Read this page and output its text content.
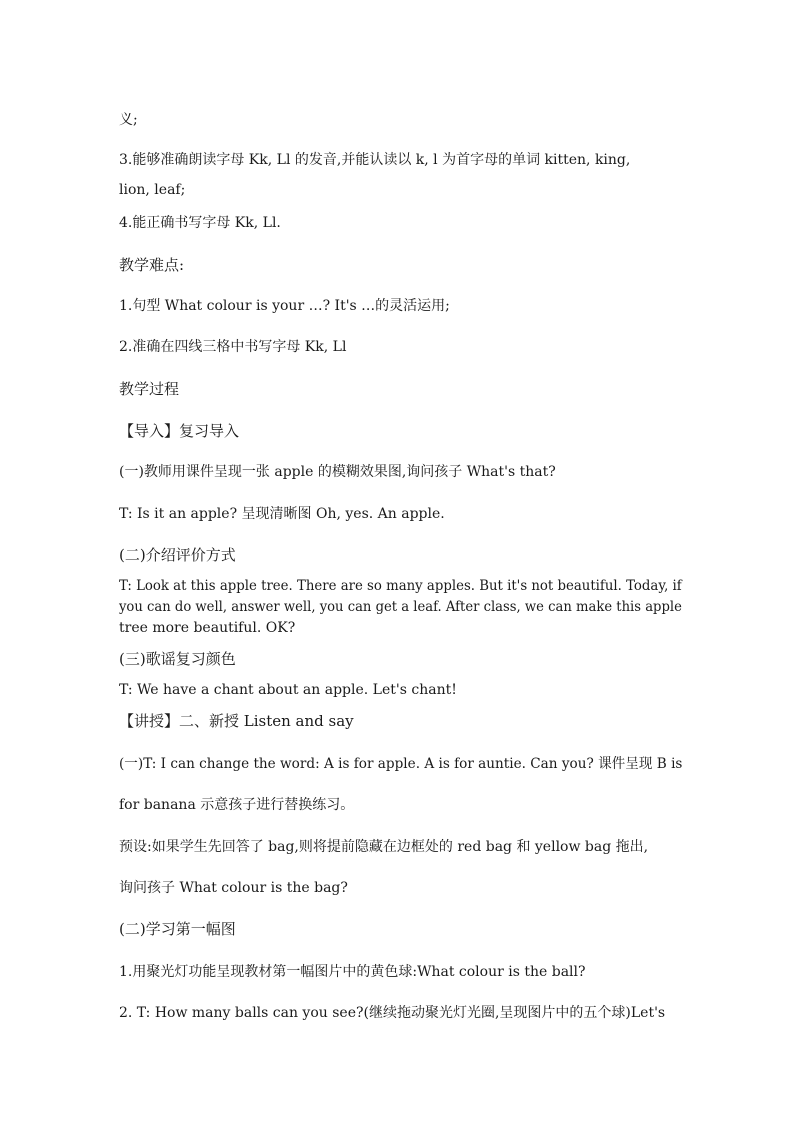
义;
3.能够准确朗读字母 Kk, Ll 的发音,并能认读以 k, l 为首字母的单词 kitten, king,
lion, leaf;
4.能正确书写字母 Kk, Ll.
教学难点:
1.句型 What colour is your …? It's …的灵活运用;
2.准确在四线三格中书写字母 Kk, Ll
教学过程
【导入】复习导入
(一)教师用课件呈现一张 apple 的模糊效果图,询问孩子 What's that?
T: Is it an apple? 呈现清晰图 Oh, yes. An apple.
(二)介绍评价方式
T: Look at this apple tree. There are so many apples. But it's not beautiful. Today, if
you can do well, answer well, you can get a leaf. After class, we can make this apple
tree more beautiful. OK?
(三)歌谣复习颜色
T: We have a chant about an apple. Let's chant!
【讲授】二、新授 Listen and say
(一)T: I can change the word: A is for apple. A is for auntie. Can you? 课件呈现 B is
for banana 示意孩子进行替换练习。
预设:如果学生先回答了 bag,则将提前隐藏在边框处的 red bag 和 yellow bag 拖出,
询问孩子 What colour is the bag?
(二)学习第一幅图
1.用聚光灯功能呈现教材第一幅图片中的黄色球:What colour is the ball?
2. T: How many balls can you see?(继续拖动聚光灯光圈,呈现图片中的五个球)Let's
